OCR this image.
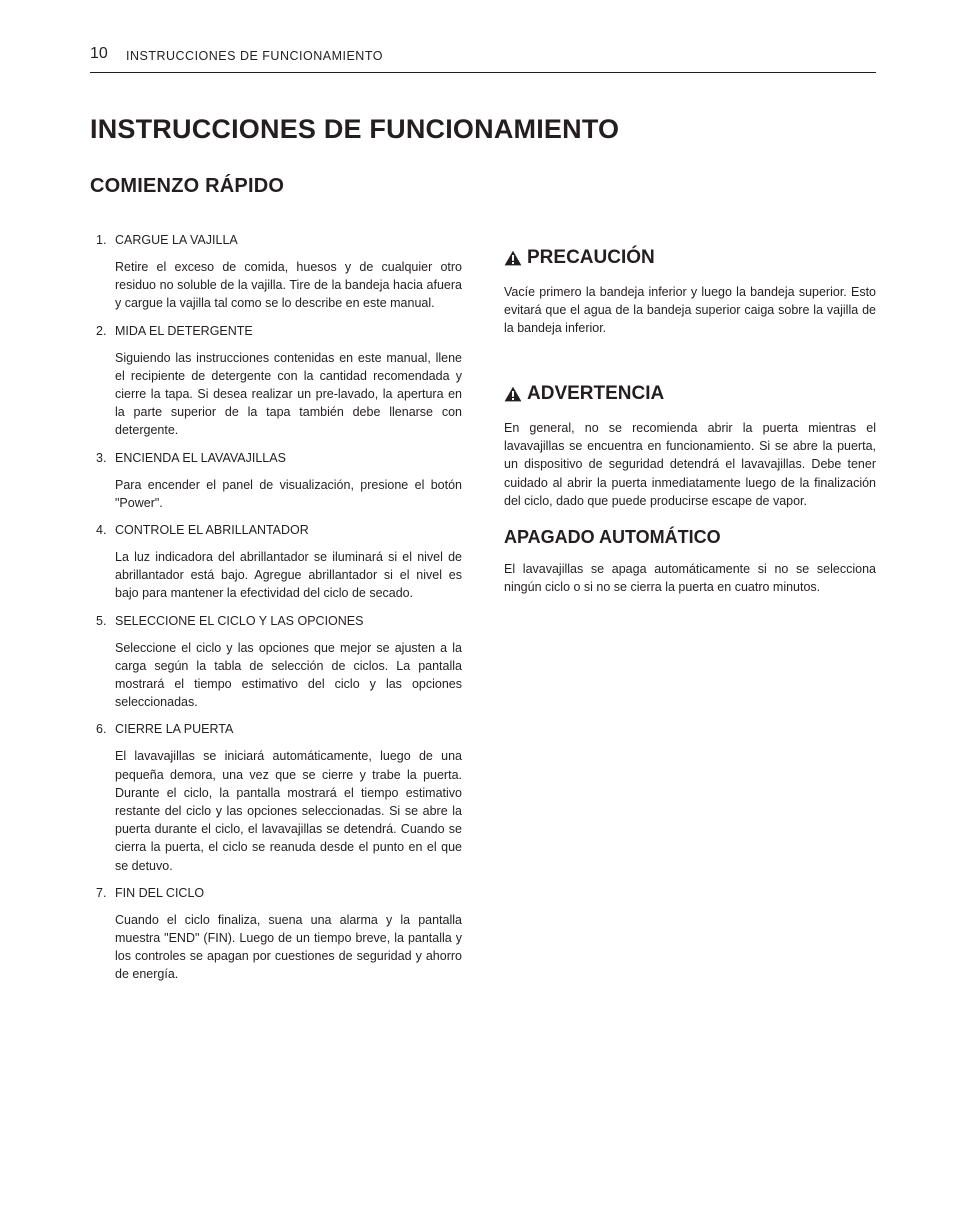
10 INSTRUCCIONES DE FUNCIONAMIENTO
INSTRUCCIONES DE FUNCIONAMIENTO
COMIENZO RÁPIDO
1. CARGUE LA VAJILLA

Retire el exceso de comida, huesos y de cualquier otro residuo no soluble de la vajilla. Tire de la bandeja hacia afuera y cargue la vajilla tal como se lo describe en este manual.

2. MIDA EL DETERGENTE

Siguiendo las instrucciones contenidas en este manual, llene el recipiente de detergente con la cantidad recomendada y cierre la tapa. Si desea realizar un pre-lavado, la apertura en la parte superior de la tapa también debe llenarse con detergente.

3. ENCIENDA EL LAVAVAJILLAS

Para encender el panel de visualización, presione el botón "Power".

4. CONTROLE EL ABRILLANTADOR

La luz indicadora del abrillantador se iluminará si el nivel de abrillantador está bajo. Agregue abrillantador si el nivel es bajo para mantener la efectividad del ciclo de secado.

5. SELECCIONE EL CICLO Y LAS OPCIONES

Seleccione el ciclo y las opciones que mejor se ajusten a la carga según la tabla de selección de ciclos. La pantalla mostrará el tiempo estimativo del ciclo y las opciones seleccionadas.

6. CIERRE LA PUERTA

El lavavajillas se iniciará automáticamente, luego de una pequeña demora, una vez que se cierre y trabe la puerta. Durante el ciclo, la pantalla mostrará el tiempo estimativo restante del ciclo y las opciones seleccionadas. Si se abre la puerta durante el ciclo, el lavavajillas se detendrá. Cuando se cierra la puerta, el ciclo se reanuda desde el punto en el que se detuvo.

7. FIN DEL CICLO

Cuando el ciclo finaliza, suena una alarma y la pantalla muestra "END" (FIN). Luego de un tiempo breve, la pantalla y los controles se apagan por cuestiones de seguridad y ahorro de energía.

PRECAUCIÓN

Vacíe primero la bandeja inferior y luego la bandeja superior. Esto evitará que el agua de la bandeja superior caiga sobre la vajilla de la bandeja inferior.

ADVERTENCIA

En general, no se recomienda abrir la puerta mientras el lavavajillas se encuentra en funcionamiento. Si se abre la puerta, un dispositivo de seguridad detendrá el lavavajillas. Debe tener cuidado al abrir la puerta inmediatamente luego de la finalización del ciclo, dado que puede producirse escape de vapor.

APAGADO AUTOMÁTICO

El lavavajillas se apaga automáticamente si no se selecciona ningún ciclo o si no se cierra la puerta en cuatro minutos.
